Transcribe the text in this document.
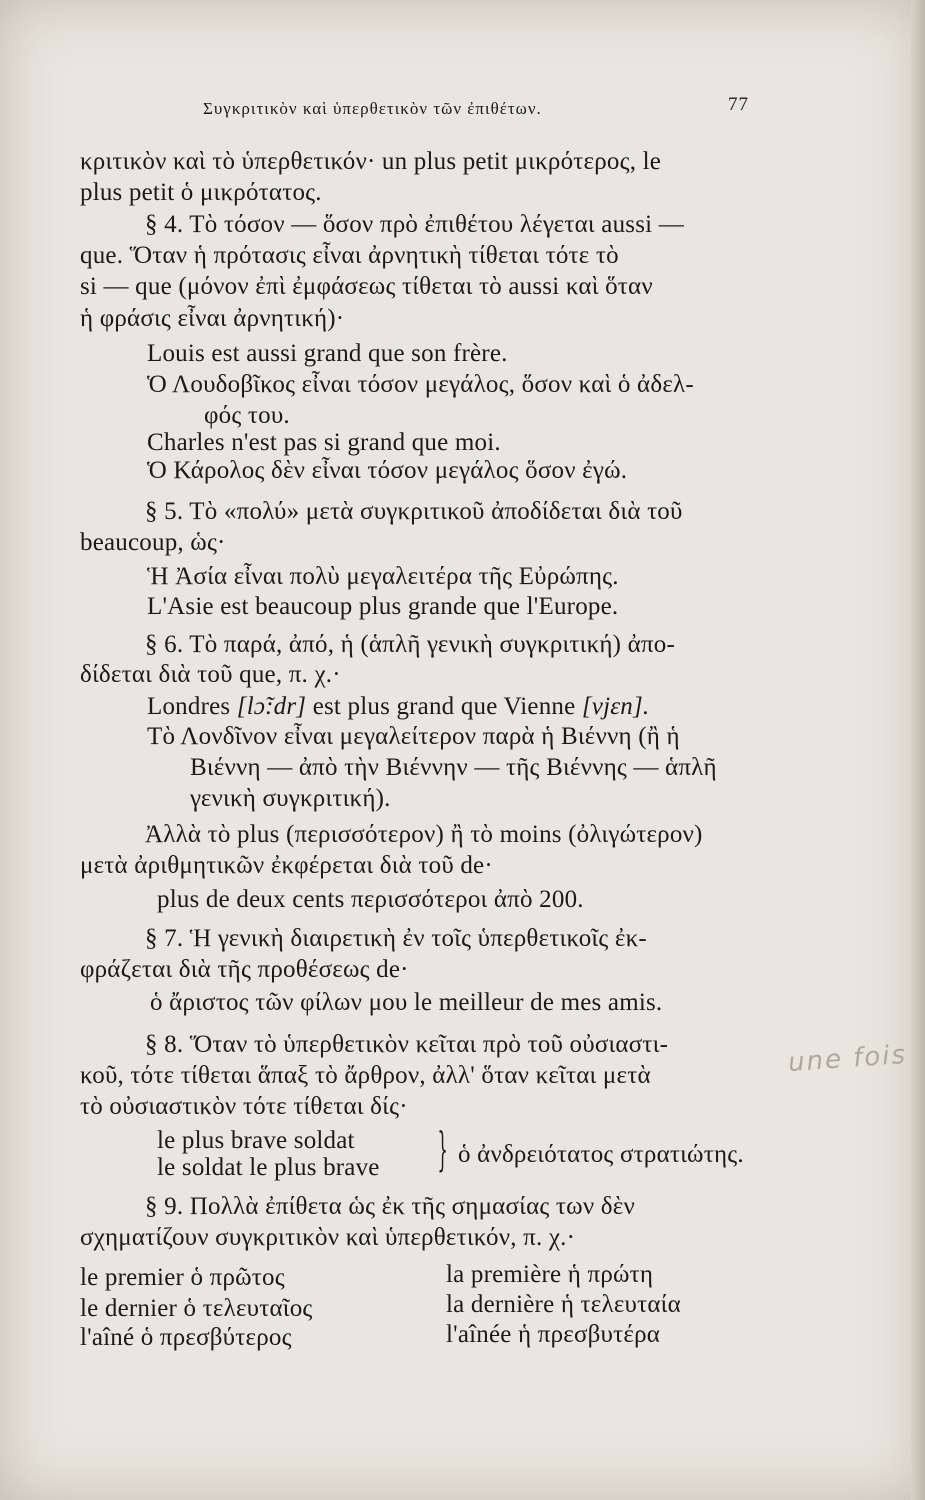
Συγκριτικὸν καὶ ὑπερθετικὸν τῶν ἐπιθέτων.	77
κριτικὸν καὶ τὸ ὑπερθετικόν· un plus petit μικρότερος, le
plus petit ὁ μικρότατος.
§ 4. Τὸ τόσον — ὅσον πρὸ ἐπιθέτου λέγεται aussi —
que. Ὅταν ἡ πρότασις εἶναι ἀρνητικὴ τίθεται τότε τὸ
si — que (μόνον ἐπὶ ἐμφάσεως τίθεται τὸ aussi καὶ ὅταν
ἡ φράσις εἶναι ἀρνητική)·
Louis est aussi grand que son frère.
Ὁ Λουδοβῖκος εἶναι τόσον μεγάλος, ὅσον καὶ ὁ ἀδελ-
φός του.
Charles n'est pas si grand que moi.
Ὁ Κάρολος δὲν εἶναι τόσον μεγάλος ὅσον ἐγώ.
§ 5. Τὸ «πολύ» μετὰ συγκριτικοῦ ἀποδίδεται διὰ τοῦ
beaucoup, ὡς·
Ἡ Ἀσία εἶναι πολὺ μεγαλειτέρα τῆς Εὐρώπης.
L'Asie est beaucoup plus grande que l'Europe.
§ 6. Τὸ παρά, ἀπό, ἡ (ἁπλῆ γενικὴ συγκριτική) ἀπο-
δίδεται διὰ τοῦ que, π. χ.·
Londres [lɔ̃:dr] est plus grand que Vienne [vjɛn].
Τὸ Λονδῖνον εἶναι μεγαλείτερον παρὰ ἡ Βιέννη (ἢ ἡ
Βιέννη — ἀπὸ τὴν Βιέννην — τῆς Βιέννης — ἁπλῆ
γενικὴ συγκριτική).
Ἀλλὰ τὸ plus (περισσότερον) ἢ τὸ moins (ὀλιγώτερον)
μετὰ ἀριθμητικῶν ἐκφέρεται διὰ τοῦ de·
plus de deux cents περισσότεροι ἀπὸ 200.
§ 7. Ἡ γενικὴ διαιρετικὴ ἐν τοῖς ὑπερθετικοῖς ἐκ-
φράζεται διὰ τῆς προθέσεως de·
ὁ ἄριστος τῶν φίλων μου le meilleur de mes amis.
§ 8. Ὅταν τὸ ὑπερθετικὸν κεῖται πρὸ τοῦ οὐσιαστι-
κοῦ, τότε τίθεται ἅπαξ τὸ ἄρθρον, ἀλλ' ὅταν κεῖται μετὰ
τὸ οὐσιαστικὸν τότε τίθεται δίς·
le plus brave soldat
le soldat le plus brave } ὁ ἀνδρειότατος στρατιώτης.
§ 9. Πολλὰ ἐπίθετα ὡς ἐκ τῆς σημασίας των δὲν
σχηματίζουν συγκριτικὸν καὶ ὑπερθετικόν, π. χ.·
le premier ὁ πρῶτος	la première ἡ πρώτη
le dernier ὁ τελευταῖος	la dernière ἡ τελευταία
l'aîné ὁ πρεσβύτερος	l'aînée ἡ πρεσβυτέρα
une fois
